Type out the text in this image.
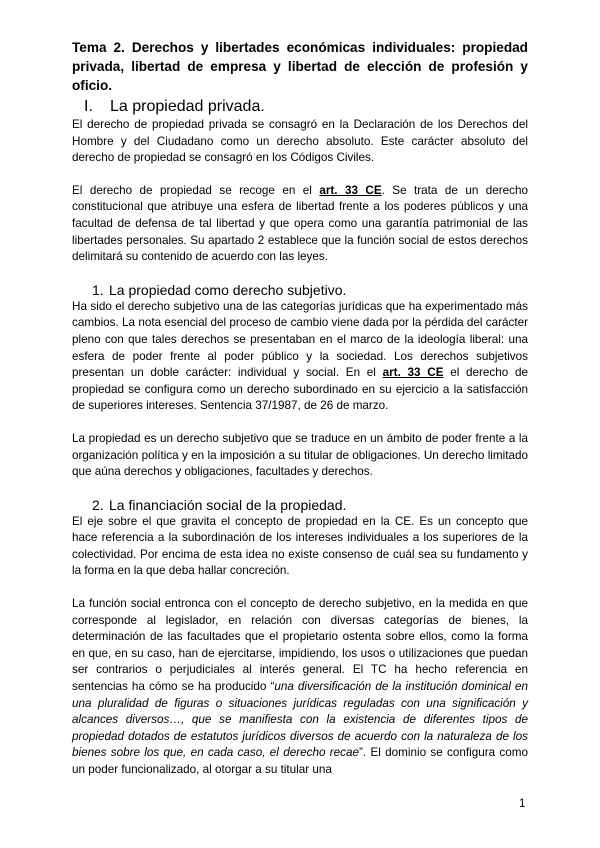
Tema 2. Derechos y libertades económicas individuales: propiedad privada, libertad de empresa y libertad de elección de profesión y oficio.

I. La propiedad privada.

El derecho de propiedad privada se consagró en la Declaración de los Derechos del Hombre y del Ciudadano como un derecho absoluto. Este carácter absoluto del derecho de propiedad se consagró en los Códigos Civiles.

El derecho de propiedad se recoge en el art. 33 CE. Se trata de un derecho constitucional que atribuye una esfera de libertad frente a los poderes públicos y una facultad de defensa de tal libertad y que opera como una garantía patrimonial de las libertades personales. Su apartado 2 establece que la función social de estos derechos delimitará su contenido de acuerdo con las leyes.

1. La propiedad como derecho subjetivo.

Ha sido el derecho subjetivo una de las categorías jurídicas que ha experimentado más cambios. La nota esencial del proceso de cambio viene dada por la pérdida del carácter pleno con que tales derechos se presentaban en el marco de la ideología liberal: una esfera de poder frente al poder público y la sociedad. Los derechos subjetivos presentan un doble carácter: individual y social. En el art. 33 CE el derecho de propiedad se configura como un derecho subordinado en su ejercicio a la satisfacción de superiores intereses. Sentencia 37/1987, de 26 de marzo.

La propiedad es un derecho subjetivo que se traduce en un ámbito de poder frente a la organización política y en la imposición a su titular de obligaciones. Un derecho limitado que aúna derechos y obligaciones, facultades y derechos.

2. La financiación social de la propiedad.

El eje sobre el que gravita el concepto de propiedad en la CE. Es un concepto que hace referencia a la subordinación de los intereses individuales a los superiores de la colectividad. Por encima de esta idea no existe consenso de cuál sea su fundamento y la forma en la que deba hallar concreción.

La función social entronca con el concepto de derecho subjetivo, en la medida en que corresponde al legislador, en relación con diversas categorías de bienes, la determinación de las facultades que el propietario ostenta sobre ellos, como la forma en que, en su caso, han de ejercitarse, impidiendo, los usos o utilizaciones que puedan ser contrarios o perjudiciales al interés general. El TC ha hecho referencia en sentencias ha cómo se ha producido “una diversificación de la institución dominical en una pluralidad de figuras o situaciones jurídicas reguladas con una significación y alcances diversos…, que se manifiesta con la existencia de diferentes tipos de propiedad dotados de estatutos jurídicos diversos de acuerdo con la naturaleza de los bienes sobre los que, en cada caso, el derecho recae”. El dominio se configura como un poder funcionalizado, al otorgar a su titular una

1
